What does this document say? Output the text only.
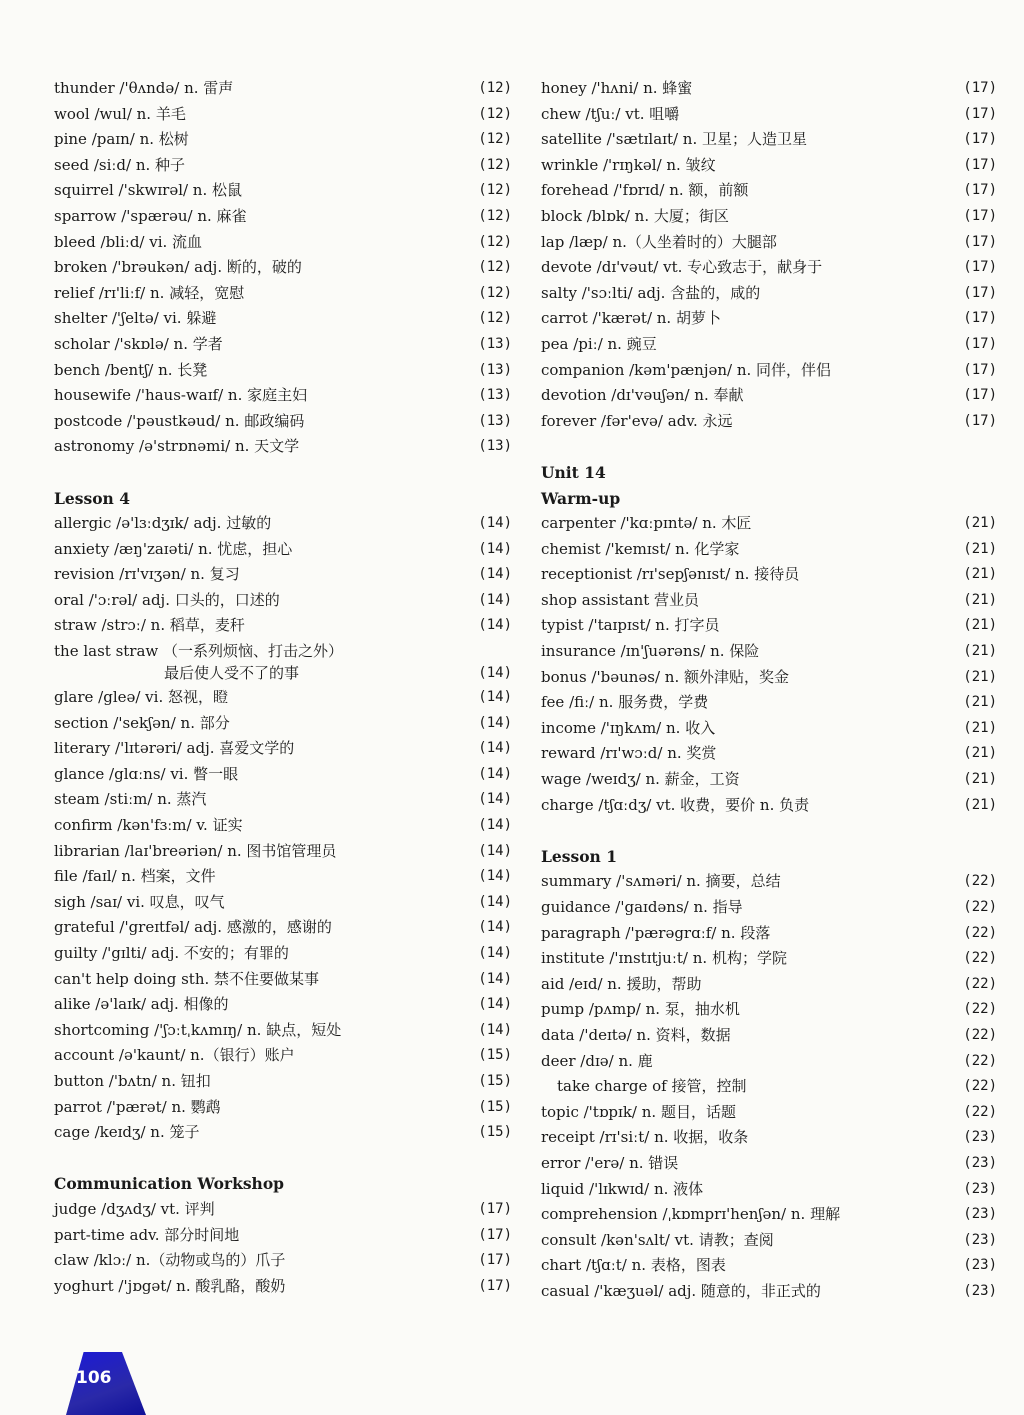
thunder /'θʌndə/ n. 雷声	(12)
wool /wul/ n. 羊毛	(12)
pine /paɪn/ n. 松树	(12)
seed /siːd/ n. 种子	(12)
squirrel /'skwɪrəl/ n. 松鼠	(12)
sparrow /'spærəu/ n. 麻雀	(12)
bleed /bliːd/ vi. 流血	(12)
broken /'brəukən/ adj. 断的，破的	(12)
relief /rɪ'liːf/ n. 减轻，宽慰	(12)
shelter /'ʃeltə/ vi. 躲避	(12)
scholar /'skɒlə/ n. 学者	(13)
bench /bentʃ/ n. 长凳	(13)
housewife /'haus-waɪf/ n. 家庭主妇	(13)
postcode /'pəustkəud/ n. 邮政编码	(13)
astronomy /ə'strɒnəmi/ n. 天文学	(13)
Lesson 4
allergic /ə'lɜːdʒɪk/ adj. 过敏的	(14)
anxiety /æŋ'zaɪəti/ n. 忧虑，担心	(14)
revision /rɪ'vɪʒən/ n. 复习	(14)
oral /'ɔːrəl/ adj. 口头的，口述的	(14)
straw /strɔː/ n. 稻草，麦秆	(14)
the last straw （一系列烦恼、打击之外）
最后使人受不了的事	(14)
glare /gleə/ vi. 怒视，瞪	(14)
section /'sekʃən/ n. 部分	(14)
literary /'lɪtərəri/ adj. 喜爱文学的	(14)
glance /glɑːns/ vi. 瞥一眼	(14)
steam /stiːm/ n. 蒸汽	(14)
confirm /kən'fɜːm/ v. 证实	(14)
librarian /laɪ'breəriən/ n. 图书馆管理员	(14)
file /faɪl/ n. 档案，文件	(14)
sigh /saɪ/ vi. 叹息，叹气	(14)
grateful /'greɪtfəl/ adj. 感激的，感谢的	(14)
guilty /'gɪlti/ adj. 不安的；有罪的	(14)
can't help doing sth. 禁不住要做某事	(14)
alike /ə'laɪk/ adj. 相像的	(14)
shortcoming /'ʃɔːtˌkʌmɪŋ/ n. 缺点，短处	(14)
account /ə'kaunt/ n.（银行）账户	(15)
button /'bʌtn/ n. 钮扣	(15)
parrot /'pærət/ n. 鹦鹉	(15)
cage /keɪdʒ/ n. 笼子	(15)
Communication Workshop
judge /dʒʌdʒ/ vt. 评判	(17)
part-time adv. 部分时间地	(17)
claw /klɔː/ n.（动物或鸟的）爪子	(17)
yoghurt /'jɒgət/ n. 酸乳酪，酸奶	(17)
honey /'hʌni/ n. 蜂蜜	(17)
chew /tʃuː/ vt. 咀嚼	(17)
satellite /'sætɪlaɪt/ n. 卫星；人造卫星	(17)
wrinkle /'rɪŋkəl/ n. 皱纹	(17)
forehead /'fɒrɪd/ n. 额，前额	(17)
block /blɒk/ n. 大厦；街区	(17)
lap /læp/ n.（人坐着时的）大腿部	(17)
devote /dɪ'vəut/ vt. 专心致志于，献身于	(17)
salty /'sɔːlti/ adj. 含盐的，咸的	(17)
carrot /'kærət/ n. 胡萝卜	(17)
pea /piː/ n. 豌豆	(17)
companion /kəm'pænjən/ n. 同伴，伴侣	(17)
devotion /dɪ'vəuʃən/ n. 奉献	(17)
forever /fər'evə/ adv. 永远	(17)
Unit 14
Warm-up
carpenter /'kɑːpɪntə/ n. 木匠	(21)
chemist /'kemɪst/ n. 化学家	(21)
receptionist /rɪ'sepʃənɪst/ n. 接待员	(21)
shop assistant 营业员	(21)
typist /'taɪpɪst/ n. 打字员	(21)
insurance /ɪn'ʃuərəns/ n. 保险	(21)
bonus /'bəunəs/ n. 额外津贴，奖金	(21)
fee /fiː/ n. 服务费，学费	(21)
income /'ɪŋkʌm/ n. 收入	(21)
reward /rɪ'wɔːd/ n. 奖赏	(21)
wage /weɪdʒ/ n. 薪金，工资	(21)
charge /tʃɑːdʒ/ vt. 收费，要价 n. 负责	(21)
Lesson 1
summary /'sʌməri/ n. 摘要，总结	(22)
guidance /'gaɪdəns/ n. 指导	(22)
paragraph /'pærəgrɑːf/ n. 段落	(22)
institute /'ɪnstɪtjuːt/ n. 机构；学院	(22)
aid /eɪd/ n. 援助，帮助	(22)
pump /pʌmp/ n. 泵，抽水机	(22)
data /'deɪtə/ n. 资料，数据	(22)
deer /dɪə/ n. 鹿	(22)
take charge of 接管，控制	(22)
topic /'tɒpɪk/ n. 题目，话题	(22)
receipt /rɪ'siːt/ n. 收据，收条	(23)
error /'erə/ n. 错误	(23)
liquid /'lɪkwɪd/ n. 液体	(23)
comprehension /ˌkɒmprɪ'henʃən/ n. 理解	(23)
consult /kən'sʌlt/ vt. 请教；查阅	(23)
chart /tʃɑːt/ n. 表格，图表	(23)
casual /'kæʒuəl/ adj. 随意的，非正式的	(23)
106
